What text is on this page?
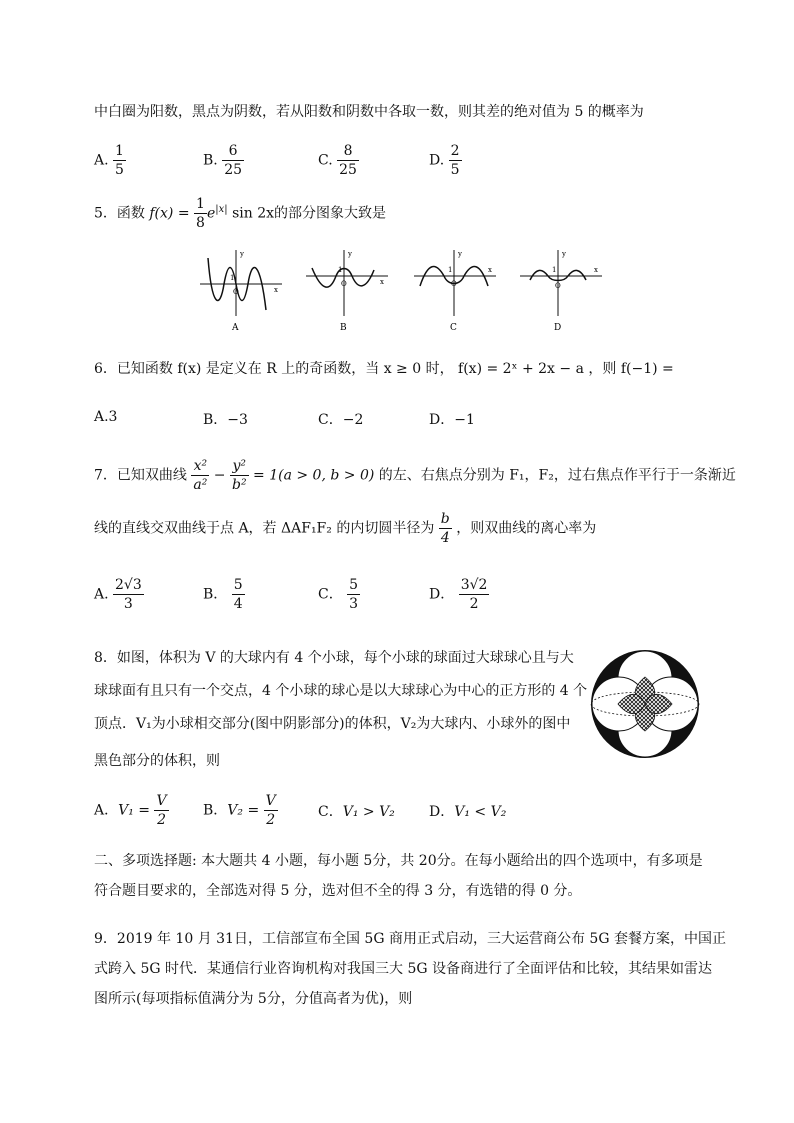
中白圈为阳数，黑点为阴数，若从阳数和阴数中各取一数，则其差的绝对值为 5 的概率为
A. $\frac{1}{5}$	B. $\frac{6}{25}$	C. $\frac{8}{25}$	D. $\frac{2}{5}$
5．函数 $f(x) = \frac{1}{8} e^{|x|}$ sin 2x的部分图象大致是
y
x
1
O
A
y
x
1
O
B
y
x
1
O
C
y
x
1
O
D
6．已知函数 f(x) 是定义在 R 上的奇函数，当 x ≥ 0 时， f(x) = 2ˣ + 2x − a ，则 f(−1) =
A.3	B．−3	C．−2	D．−1
7．已知双曲线 $\frac{\text{x²}}{\text{a²}} - \frac{\text{y²}}{\text{b²}} = 1(a > 0$, b > 0) 的左、右焦点分别为 F₁，F₂，过右焦点作平行于一条渐近
线的直线交双曲线于点 A，若 ΔAF₁F₂ 的内切圆半径为 $\frac{b}{4}$ ，则双曲线的离心率为
A. $\frac{2√3}{3}$	B． $\frac{5}{4}$	C． $\frac{5}{3}$	D． $\frac{3√2}{2}$
8．如图，体积为 V 的大球内有 4 个小球，每个小球的球面过大球球心且与大
球球面有且只有一个交点，4 个小球的球心是以大球球心为中心的正方形的 4 个
顶点．V₁为小球相交部分(图中阴影部分)的体积，V₂为大球内、小球外的图中
黑色部分的体积，则
A．$V_1 = \frac{V}{2}$ B．$V_2 = \frac{V}{2}$	C．V₁ > V₂ D．V₁ < V₂
二、多项选择题: 本大题共 4 小题，每小题 5分，共 20分。在每小题给出的四个选项中，有多项是
符合题目要求的，全部选对得 5 分，选对但不全的得 3 分，有选错的得 0 分。
9．2019 年 10 月 31日，工信部宣布全国 5G 商用正式启动，三大运营商公布 5G 套餐方案，中国正
式跨入 5G 时代．某通信行业咨询机构对我国三大 5G 设备商进行了全面评估和比较，其结果如雷达
图所示(每项指标值满分为 5分，分值高者为优)，则
